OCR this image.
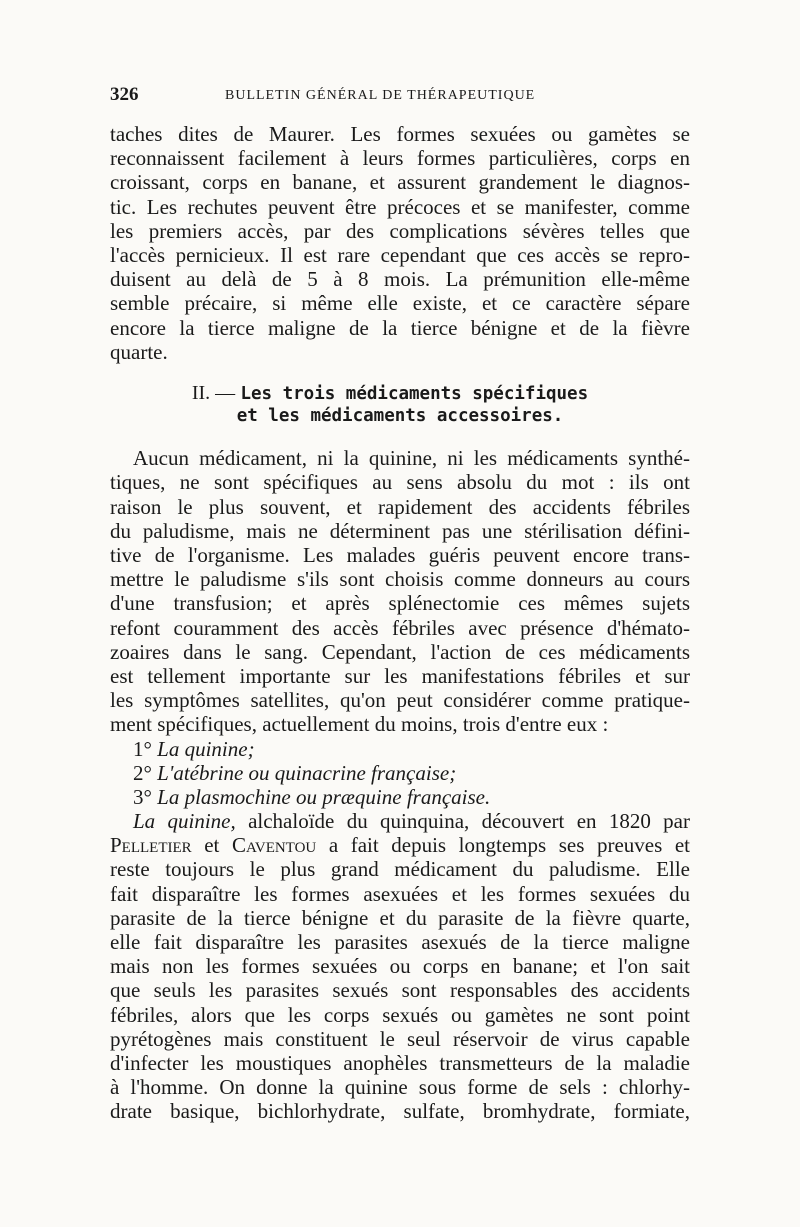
326	BULLETIN GÉNÉRAL DE THÉRAPEUTIQUE
taches dites de Maurer. Les formes sexuées ou gamètes se
reconnaissent facilement à leurs formes particulières, corps en
croissant, corps en banane, et assurent grandement le diagnos-
tic. Les rechutes peuvent être précoces et se manifester, comme
les premiers accès, par des complications sévères telles que
l'accès pernicieux. Il est rare cependant que ces accès se repro-
duisent au delà de 5 à 8 mois. La prémunition elle-même
semble précaire, si même elle existe, et ce caractère sépare
encore la tierce maligne de la tierce bénigne et de la fièvre
quarte.
II. — Les trois médicaments spécifiques
et les médicaments accessoires.
Aucun médicament, ni la quinine, ni les médicaments synthé-
tiques, ne sont spécifiques au sens absolu du mot : ils ont
raison le plus souvent, et rapidement des accidents fébriles
du paludisme, mais ne déterminent pas une stérilisation défini-
tive de l'organisme. Les malades guéris peuvent encore trans-
mettre le paludisme s'ils sont choisis comme donneurs au cours
d'une transfusion; et après splénectomie ces mêmes sujets
refont couramment des accès fébriles avec présence d'hémato-
zoaires dans le sang. Cependant, l'action de ces médicaments
est tellement importante sur les manifestations fébriles et sur
les symptômes satellites, qu'on peut considérer comme pratique-
ment spécifiques, actuellement du moins, trois d'entre eux :
1° La quinine;
2° L'atébrine ou quinacrine française;
3° La plasmochine ou præquine française.
La quinine, alchaloïde du quinquina, découvert en 1820 par
Pelletier et Caventou a fait depuis longtemps ses preuves et
reste toujours le plus grand médicament du paludisme. Elle
fait disparaître les formes asexuées et les formes sexuées du
parasite de la tierce bénigne et du parasite de la fièvre quarte,
elle fait disparaître les parasites asexués de la tierce maligne
mais non les formes sexuées ou corps en banane; et l'on sait
que seuls les parasites sexués sont responsables des accidents
fébriles, alors que les corps sexués ou gamètes ne sont point
pyrétogènes mais constituent le seul réservoir de virus capable
d'infecter les moustiques anophèles transmetteurs de la maladie
à l'homme. On donne la quinine sous forme de sels : chlorhy-
drate basique, bichlorhydrate, sulfate, bromhydrate, formiate,
